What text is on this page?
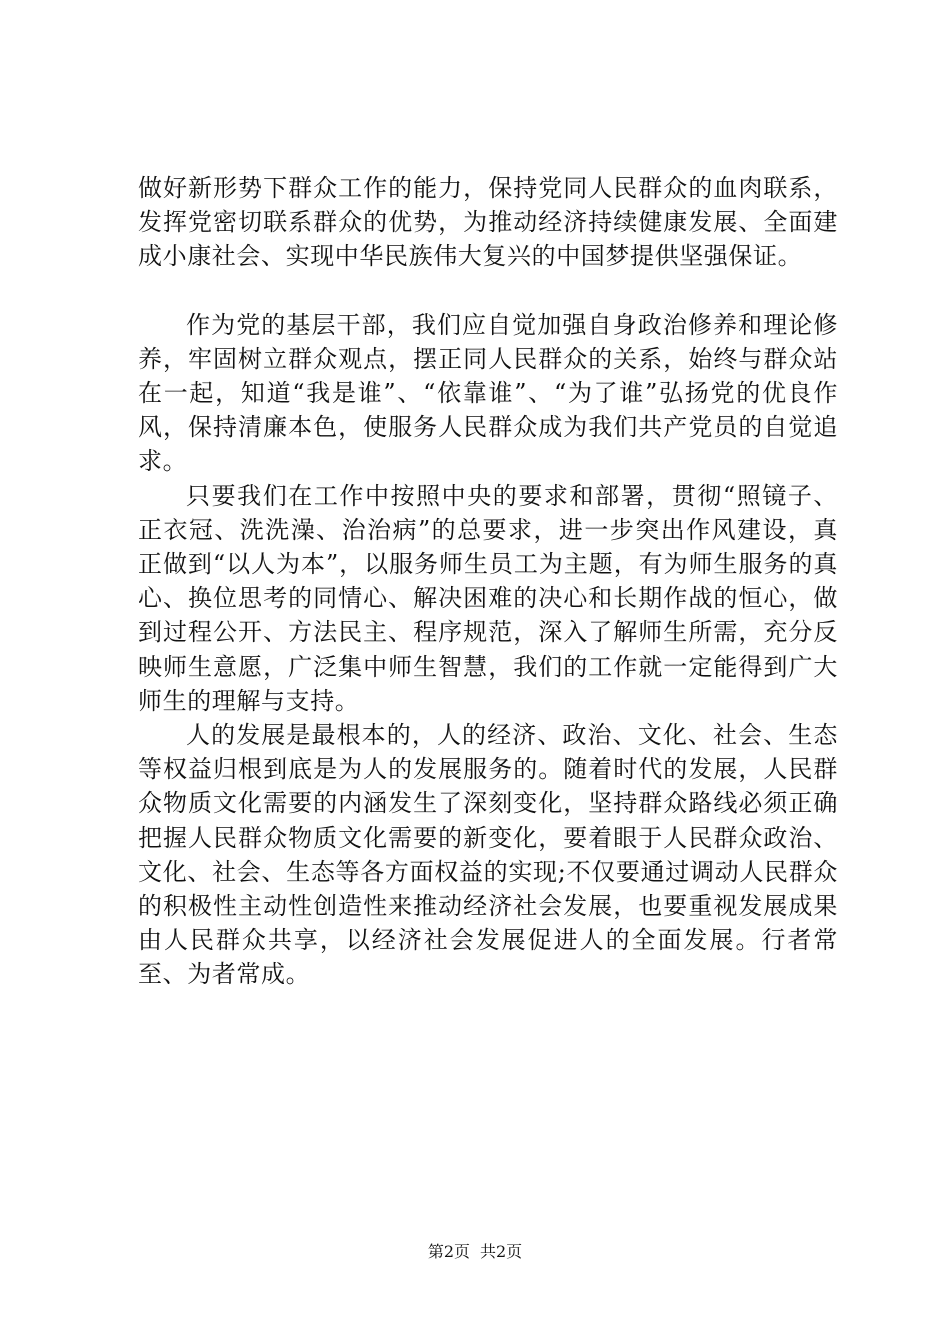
做好新形势下群众工作的能力，保持党同人民群众的血肉联系，发挥党密切联系群众的优势，为推动经济持续健康发展、全面建成小康社会、实现中华民族伟大复兴的中国梦提供坚强保证。

作为党的基层干部，我们应自觉加强自身政治修养和理论修养，牢固树立群众观点，摆正同人民群众的关系，始终与群众站在一起，知道“我是谁”、“依靠谁”、“为了谁”弘扬党的优良作风，保持清廉本色，使服务人民群众成为我们共产党员的自觉追求。

只要我们在工作中按照中央的要求和部署，贯彻“照镜子、正衣冠、洗洗澡、治治病”的总要求，进一步突出作风建设，真正做到“以人为本”，以服务师生员工为主题，有为师生服务的真心、换位思考的同情心、解决困难的决心和长期作战的恒心，做到过程公开、方法民主、程序规范，深入了解师生所需，充分反映师生意愿，广泛集中师生智慧，我们的工作就一定能得到广大师生的理解与支持。

人的发展是最根本的，人的经济、政治、文化、社会、生态等权益归根到底是为人的发展服务的。随着时代的发展，人民群众物质文化需要的内涵发生了深刻变化，坚持群众路线必须正确把握人民群众物质文化需要的新变化，要着眼于人民群众政治、文化、社会、生态等各方面权益的实现;不仅要通过调动人民群众的积极性主动性创造性来推动经济社会发展，也要重视发展成果由人民群众共享，以经济社会发展促进人的全面发展。行者常至、为者常成。

第2页 共2页
